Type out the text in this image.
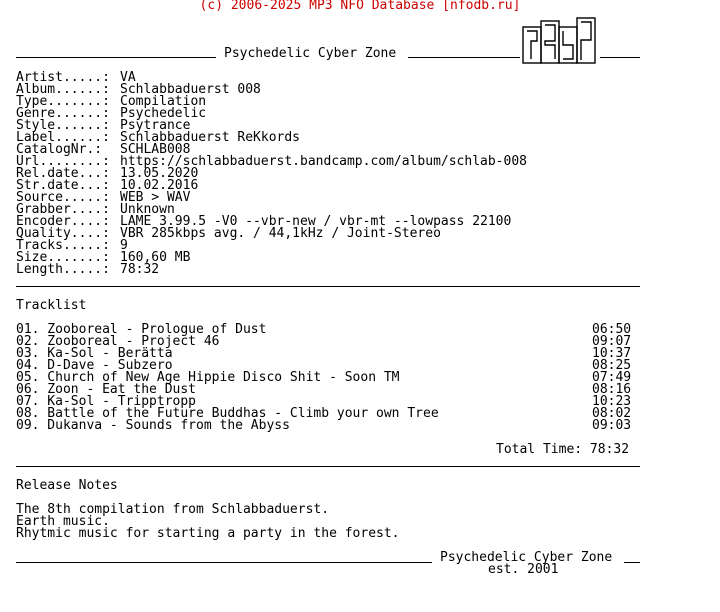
(c) 2006-2025 MP3 NFO Database [nfodb.ru]
Psychedelic Cyber Zone
Artist.....: VA
Album......: Schlabbaduerst 008
Type.......: Compilation
Genre......: Psychedelic
Style......: Psytrance
Label......: Schlabbaduerst ReKkords
CatalogNr.: SCHLAB008
Url........: https://schlabbaduerst.bandcamp.com/album/schlab-008
Rel.date...: 13.05.2020
Str.date...: 10.02.2016
Source.....: WEB > WAV
Grabber....: Unknown
Encoder....: LAME 3.99.5 -V0 --vbr-new / vbr-mt --lowpass 22100
Quality....: VBR 285kbps avg. / 44,1kHz / Joint-Stereo
Tracks.....: 9
Size.......: 160,60 MB
Length.....: 78:32
Tracklist
01. Zooboreal - Prologue of Dust	06:50
02. Zooboreal - Project 46	09:07
03. Ka-Sol - Berätta	10:37
04. D-Dave - Subzero	08:25
05. Church of New Age Hippie Disco Shit - Soon TM	07:49
06. Zoon - Eat the Dust	08:16
07. Ka-Sol - Tripptropp	10:23
08. Battle of the Future Buddhas - Climb your own Tree	08:02
09. Dukanva - Sounds from the Abyss	09:03
Total Time: 78:32
Release Notes
The 8th compilation from Schlabbaduerst.
Earth music.
Rhytmic music for starting a party in the forest.
Psychedelic Cyber Zone
est. 2001
